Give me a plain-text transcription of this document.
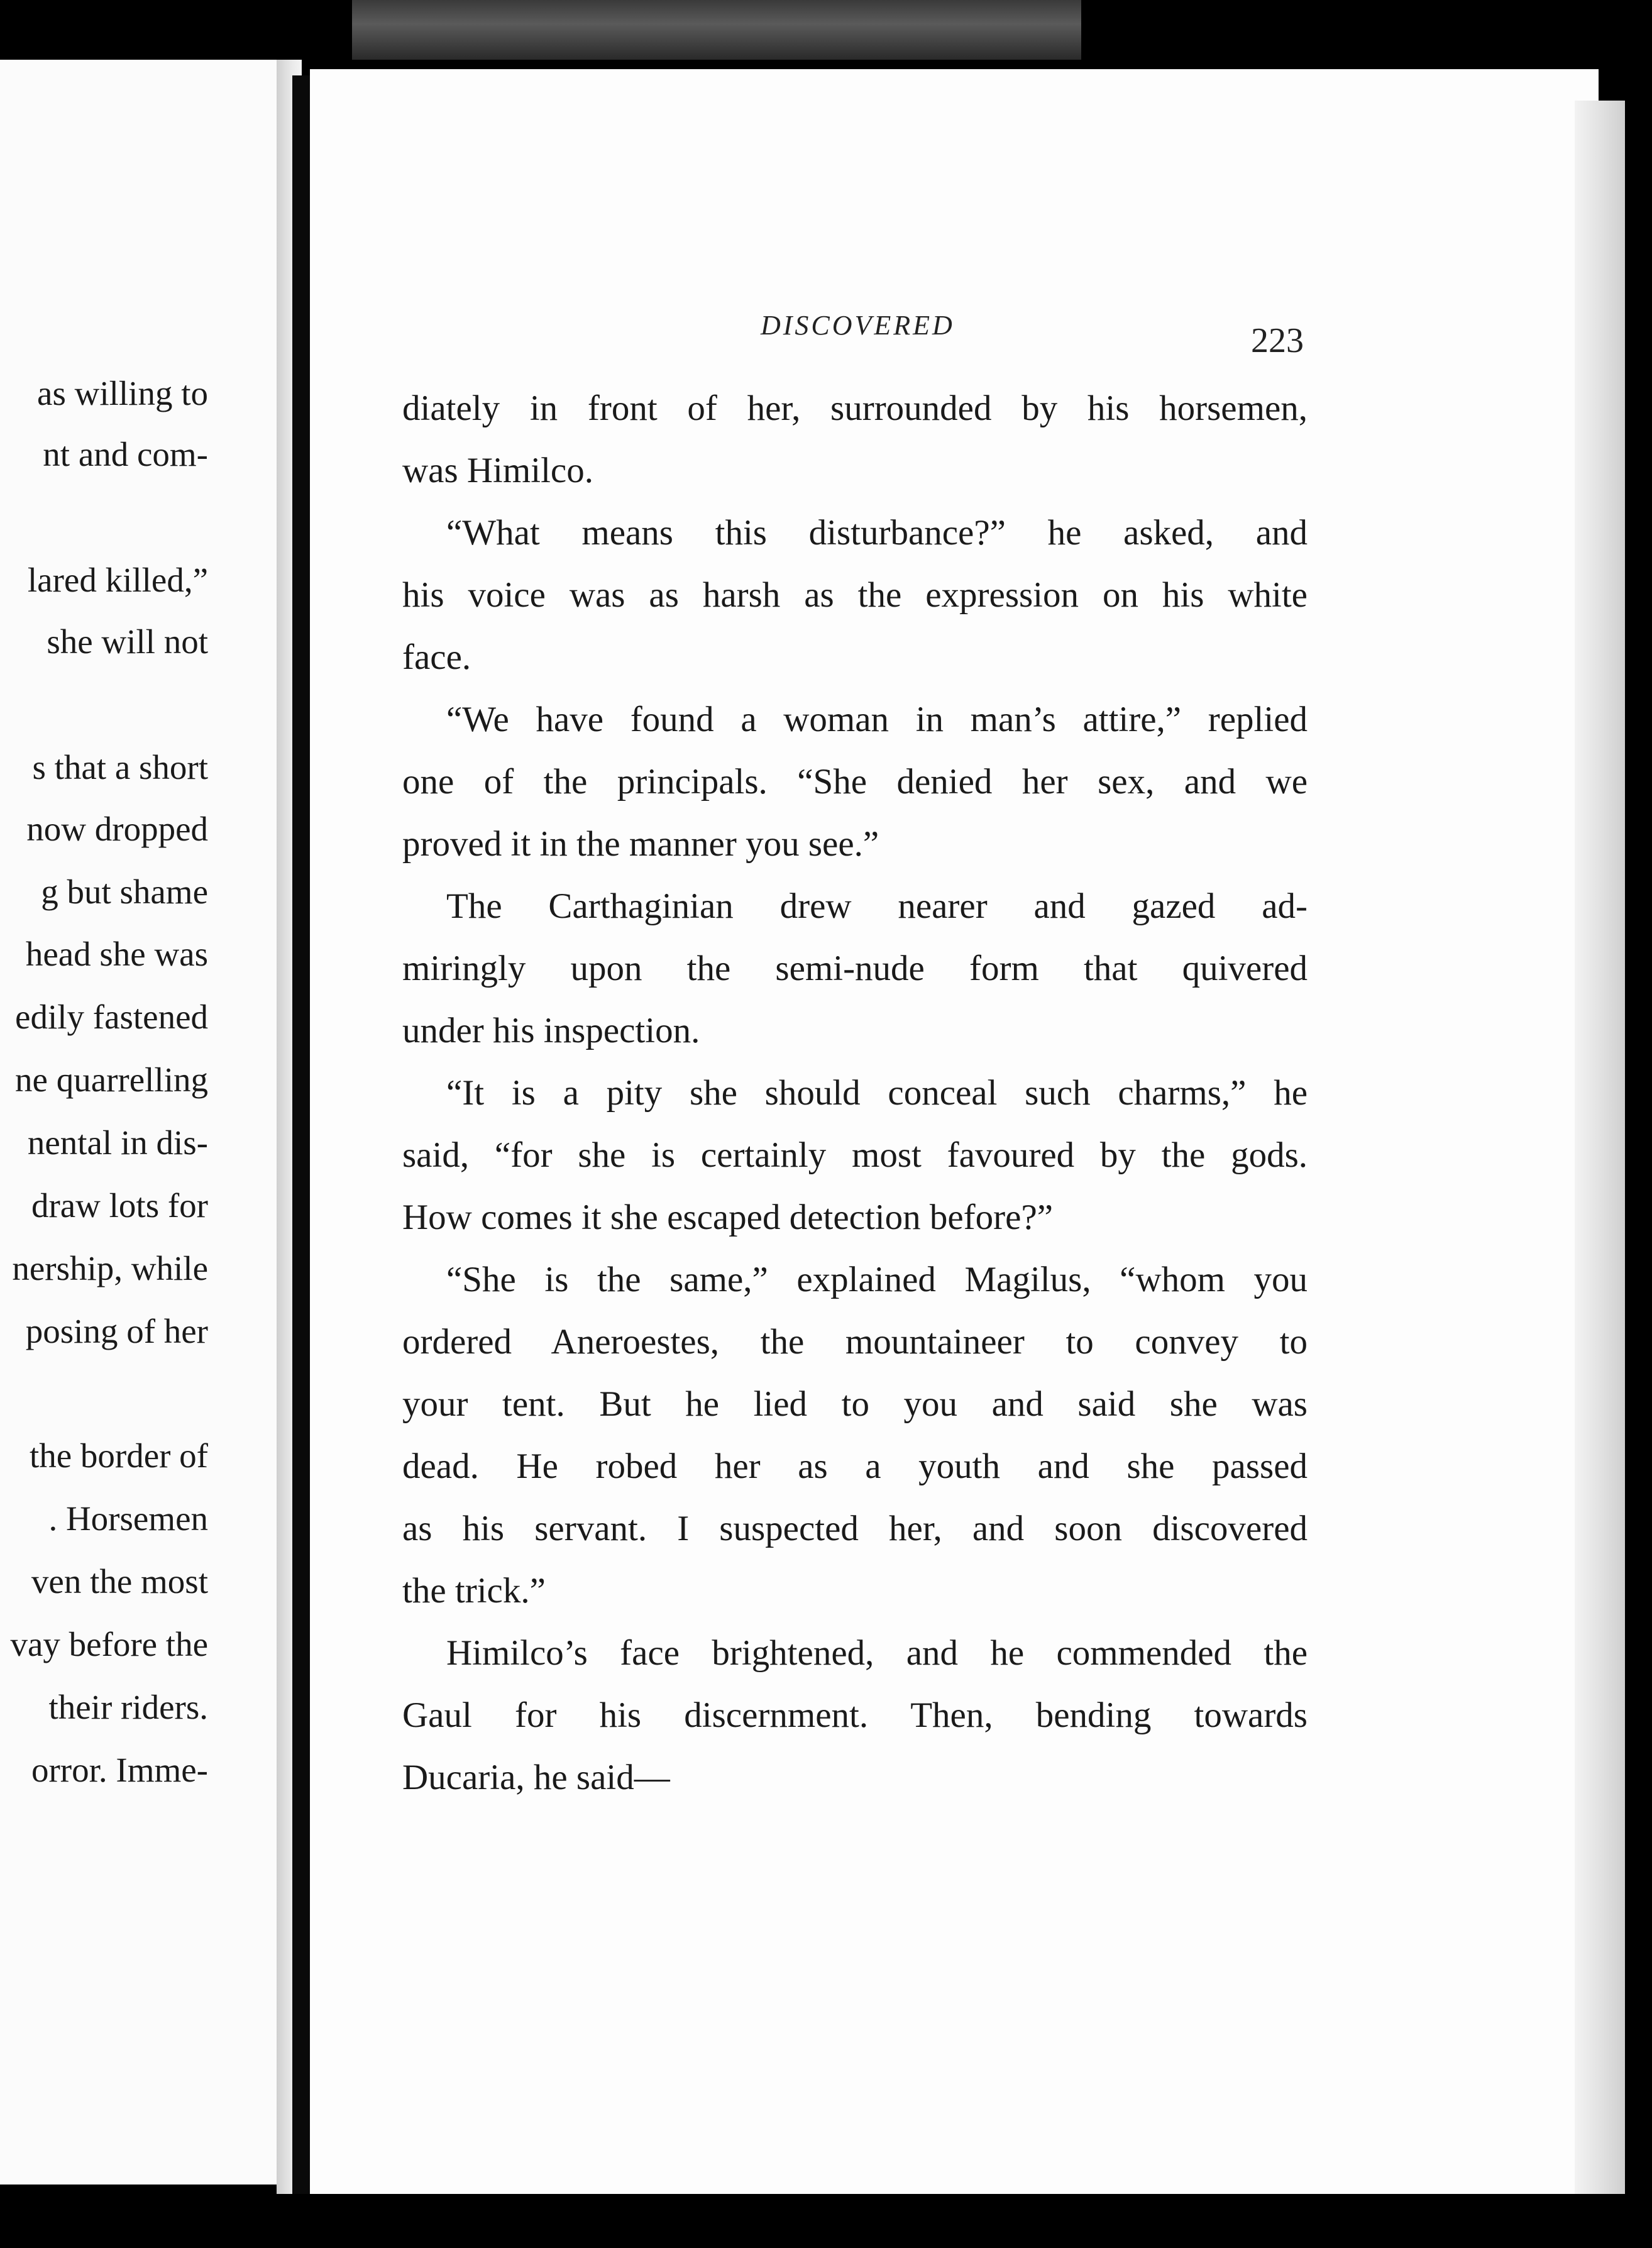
as willing to
nt and com-
lared killed,”
she will not
s that a short
now dropped
g but shame
head she was
edily fastened
ne quarrelling
nental in dis-
draw lots for
nership, while
posing of her
the border of
. Horsemen
ven the most
vay before the
their riders.
orror. Imme-
DISCOVERED	223
diately in front of her, surrounded by his horsemen,
was Himilco.
“What means this disturbance?” he asked, and
his voice was as harsh as the expression on his white
face.
“We have found a woman in man’s attire,” replied
one of the principals. “She denied her sex, and we
proved it in the manner you see.”
The Carthaginian drew nearer and gazed ad-
miringly upon the semi-nude form that quivered
under his inspection.
“It is a pity she should conceal such charms,” he
said, “for she is certainly most favoured by the gods.
How comes it she escaped detection before?”
“She is the same,” explained Magilus, “whom you
ordered Aneroestes, the mountaineer to convey to
your tent. But he lied to you and said she was
dead. He robed her as a youth and she passed
as his servant. I suspected her, and soon discovered
the trick.”
Himilco’s face brightened, and he commended the
Gaul for his discernment. Then, bending towards
Ducaria, he said—
